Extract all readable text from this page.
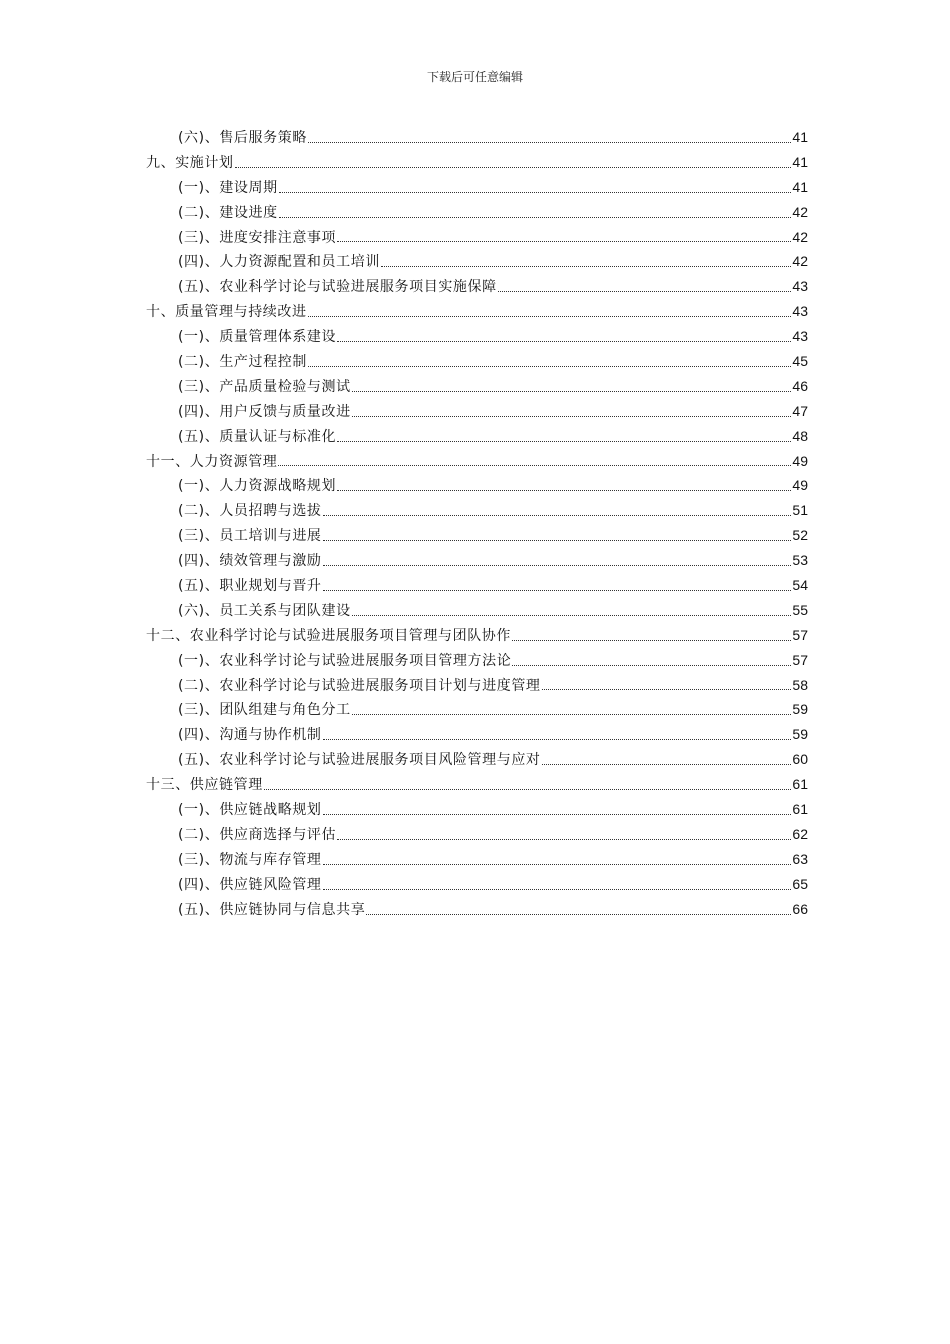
下载后可任意编辑
(六)、售后服务策略	41
九、实施计划	41
(一)、建设周期	41
(二)、建设进度	42
(三)、进度安排注意事项	42
(四)、人力资源配置和员工培训	42
(五)、农业科学讨论与试验进展服务项目实施保障	43
十、质量管理与持续改进	43
(一)、质量管理体系建设	43
(二)、生产过程控制	45
(三)、产品质量检验与测试	46
(四)、用户反馈与质量改进	47
(五)、质量认证与标准化	48
十一、人力资源管理	49
(一)、人力资源战略规划	49
(二)、人员招聘与选拔	51
(三)、员工培训与进展	52
(四)、绩效管理与激励	53
(五)、职业规划与晋升	54
(六)、员工关系与团队建设	55
十二、农业科学讨论与试验进展服务项目管理与团队协作	57
(一)、农业科学讨论与试验进展服务项目管理方法论	57
(二)、农业科学讨论与试验进展服务项目计划与进度管理	58
(三)、团队组建与角色分工	59
(四)、沟通与协作机制	59
(五)、农业科学讨论与试验进展服务项目风险管理与应对	60
十三、供应链管理	61
(一)、供应链战略规划	61
(二)、供应商选择与评估	62
(三)、物流与库存管理	63
(四)、供应链风险管理	65
(五)、供应链协同与信息共享	66
